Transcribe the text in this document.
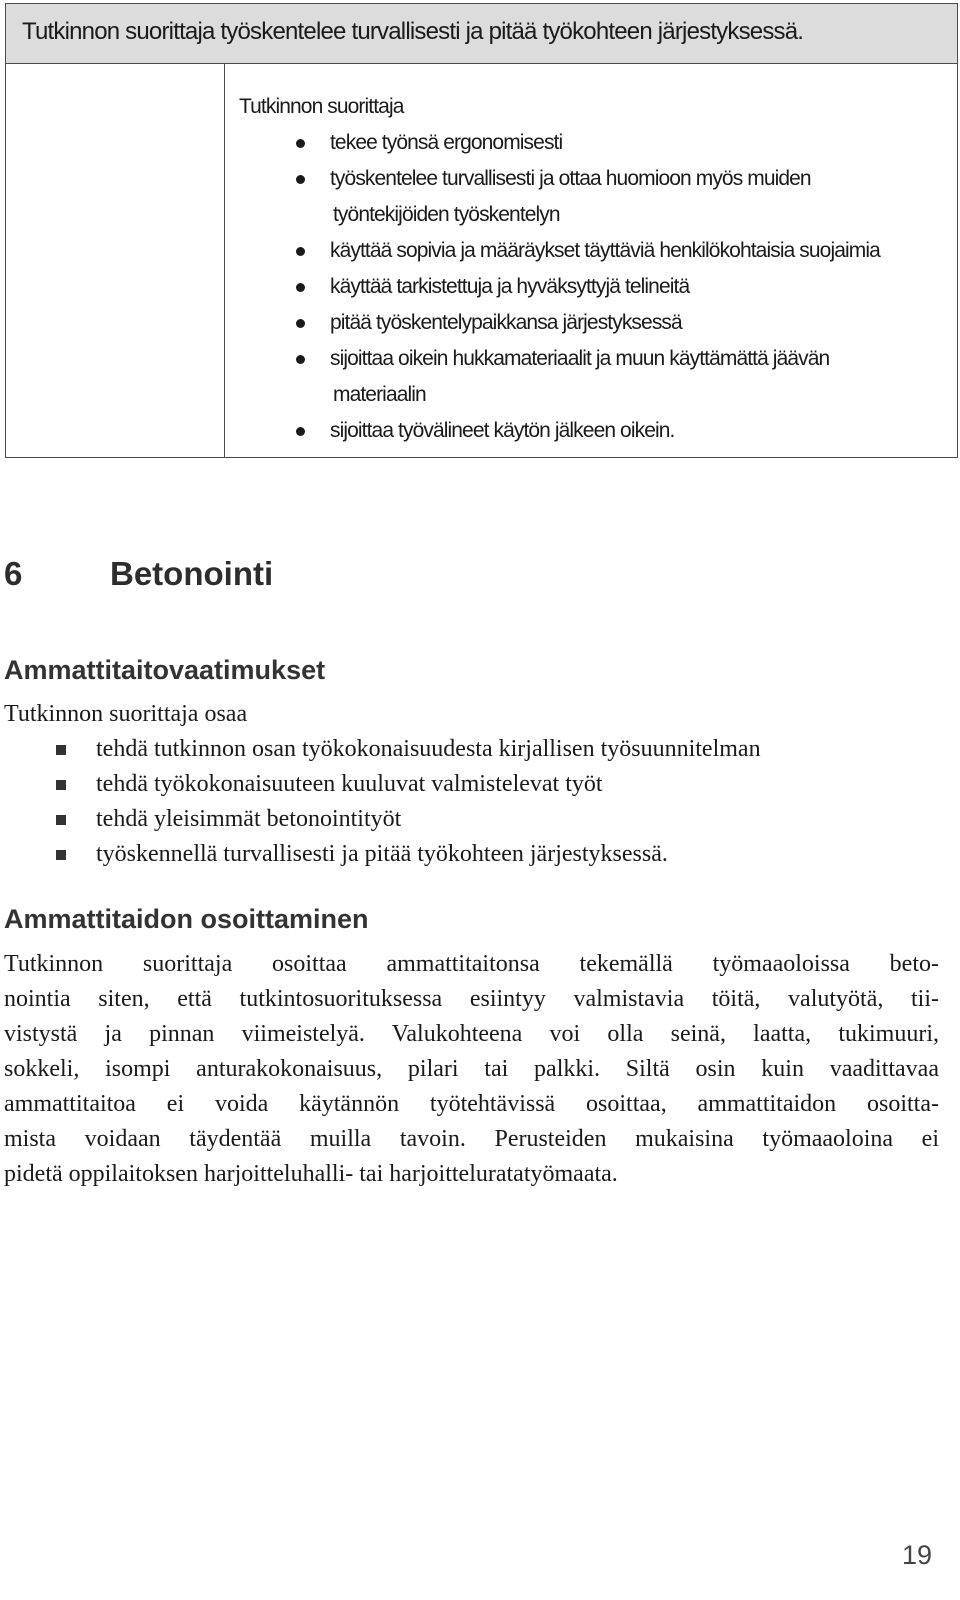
Tutkinnon suorittaja työskentelee turvallisesti ja pitää työkohteen järjestyksessä.
Tutkinnon suorittaja
tekee työnsä ergonomisesti
työskentelee turvallisesti ja ottaa huomioon myös muiden
työntekijöiden työskentelyn
käyttää sopivia ja määräykset täyttäviä henkilökohtaisia suojaimia
käyttää tarkistettuja ja hyväksyttyjä telineitä
pitää työskentelypaikkansa järjestyksessä
sijoittaa oikein hukkamateriaalit ja muun käyttämättä jäävän
materiaalin
sijoittaa työvälineet käytön jälkeen oikein.
6	Betonointi
Ammattitaitovaatimukset
Tutkinnon suorittaja osaa
tehdä tutkinnon osan työkokonaisuudesta kirjallisen työsuunnitelman
tehdä työkokonaisuuteen kuuluvat valmistelevat työt
tehdä yleisimmät betonointityöt
työskennellä turvallisesti ja pitää työkohteen järjestyksessä.
Ammattitaidon osoittaminen
Tutkinnon suorittaja osoittaa ammattitaitonsa tekemällä työmaaoloissa beto-
nointia siten, että tutkintosuorituksessa esiintyy valmistavia töitä, valutyötä, tii-
vistystä ja pinnan viimeistelyä. Valukohteena voi olla seinä, laatta, tukimuuri,
sokkeli, isompi anturakokonaisuus, pilari tai palkki. Siltä osin kuin vaadittavaa
ammattitaitoa ei voida käytännön työtehtävissä osoittaa, ammattitaidon osoitta-
mista voidaan täydentää muilla tavoin. Perusteiden mukaisina työmaaoloina ei
pidetä oppilaitoksen harjoitteluhalli- tai harjoitteluratatyömaata.
19
